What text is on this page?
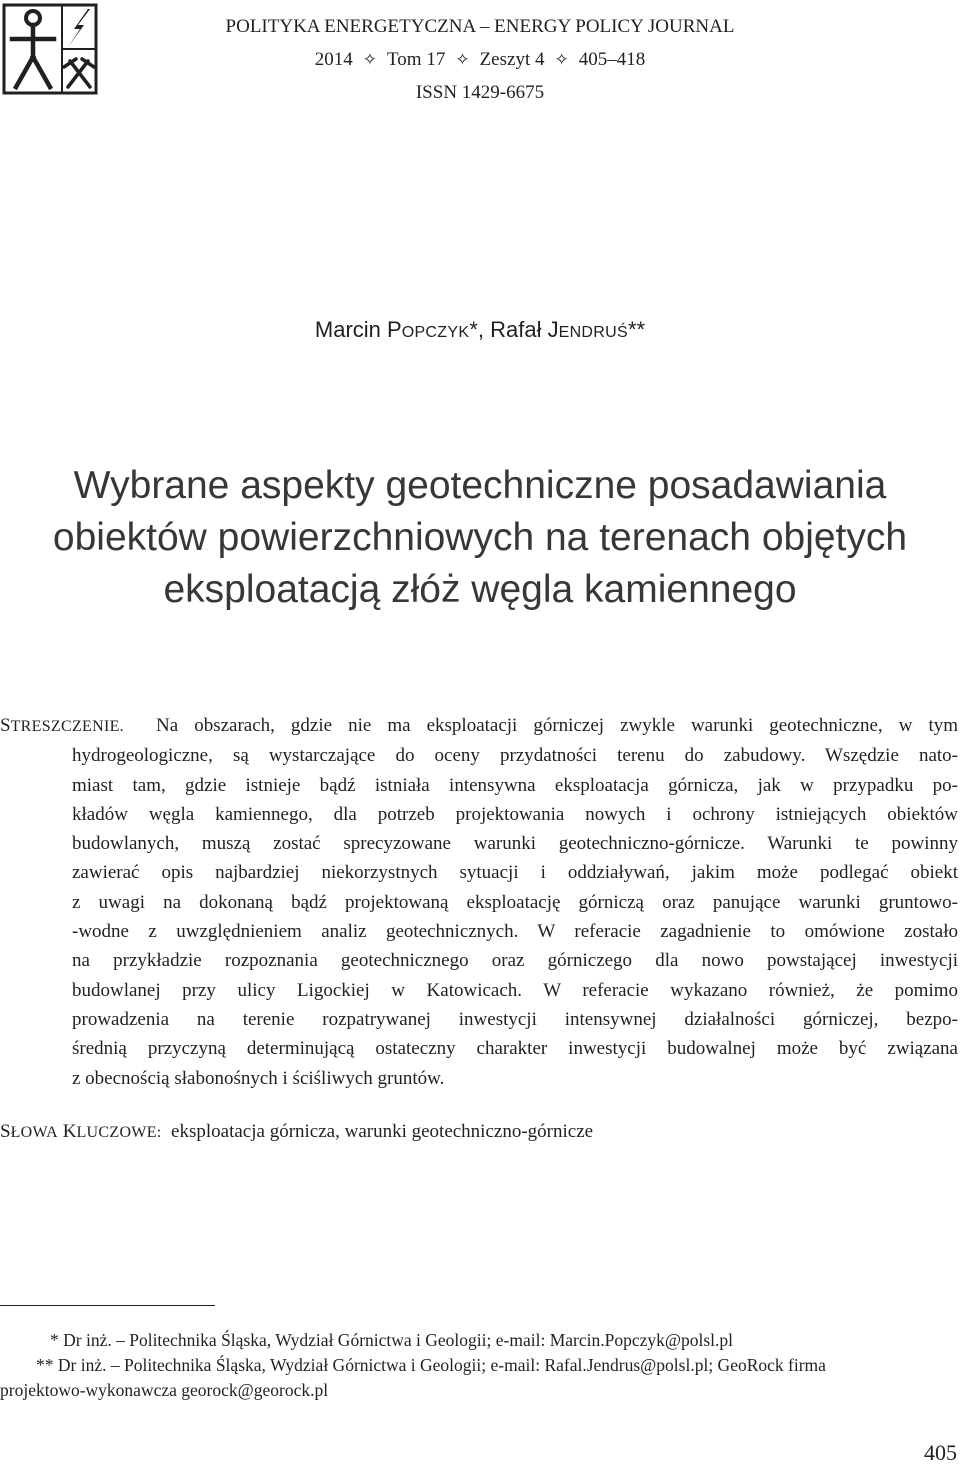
POLITYKA ENERGETYCZNA – ENERGY POLICY JOURNAL
2014 ✧ Tom 17 ✧ Zeszyt 4 ✧ 405–418
ISSN 1429-6675
Marcin POPCZYK*, Rafał JENDRUŚ**
Wybrane aspekty geotechniczne posadawiania
obiektów powierzchniowych na terenach objętych
eksploatacją złóż węgla kamiennego
STRESZCZENIE. Na obszarach, gdzie nie ma eksploatacji górniczej zwykle warunki geotechniczne, w tym
hydrogeologiczne, są wystarczające do oceny przydatności terenu do zabudowy. Wszędzie nato-
miast tam, gdzie istnieje bądź istniała intensywna eksploatacja górnicza, jak w przypadku po-
kładów węgla kamiennego, dla potrzeb projektowania nowych i ochrony istniejących obiektów
budowlanych, muszą zostać sprecyzowane warunki geotechniczno-górnicze. Warunki te powinny
zawierać opis najbardziej niekorzystnych sytuacji i oddziaływań, jakim może podlegać obiekt
z uwagi na dokonaną bądź projektowaną eksploatację górniczą oraz panujące warunki gruntowo-
-wodne z uwzględnieniem analiz geotechnicznych. W referacie zagadnienie to omówione zostało
na przykładzie rozpoznania geotechnicznego oraz górniczego dla nowo powstającej inwestycji
budowlanej przy ulicy Ligockiej w Katowicach. W referacie wykazano również, że pomimo
prowadzenia na terenie rozpatrywanej inwestycji intensywnej działalności górniczej, bezpo-
średnią przyczyną determinującą ostateczny charakter inwestycji budowalnej może być związana
z obecnością słabonośnych i ściśliwych gruntów.
SŁOWA KLUCZOWE: eksploatacja górnicza, warunki geotechniczno-górnicze
* Dr inż. – Politechnika Śląska, Wydział Górnictwa i Geologii; e-mail: Marcin.Popczyk@polsl.pl
** Dr inż. – Politechnika Śląska, Wydział Górnictwa i Geologii; e-mail: Rafal.Jendrus@polsl.pl; GeoRock firma
projektowo-wykonawcza georock@georock.pl
405
